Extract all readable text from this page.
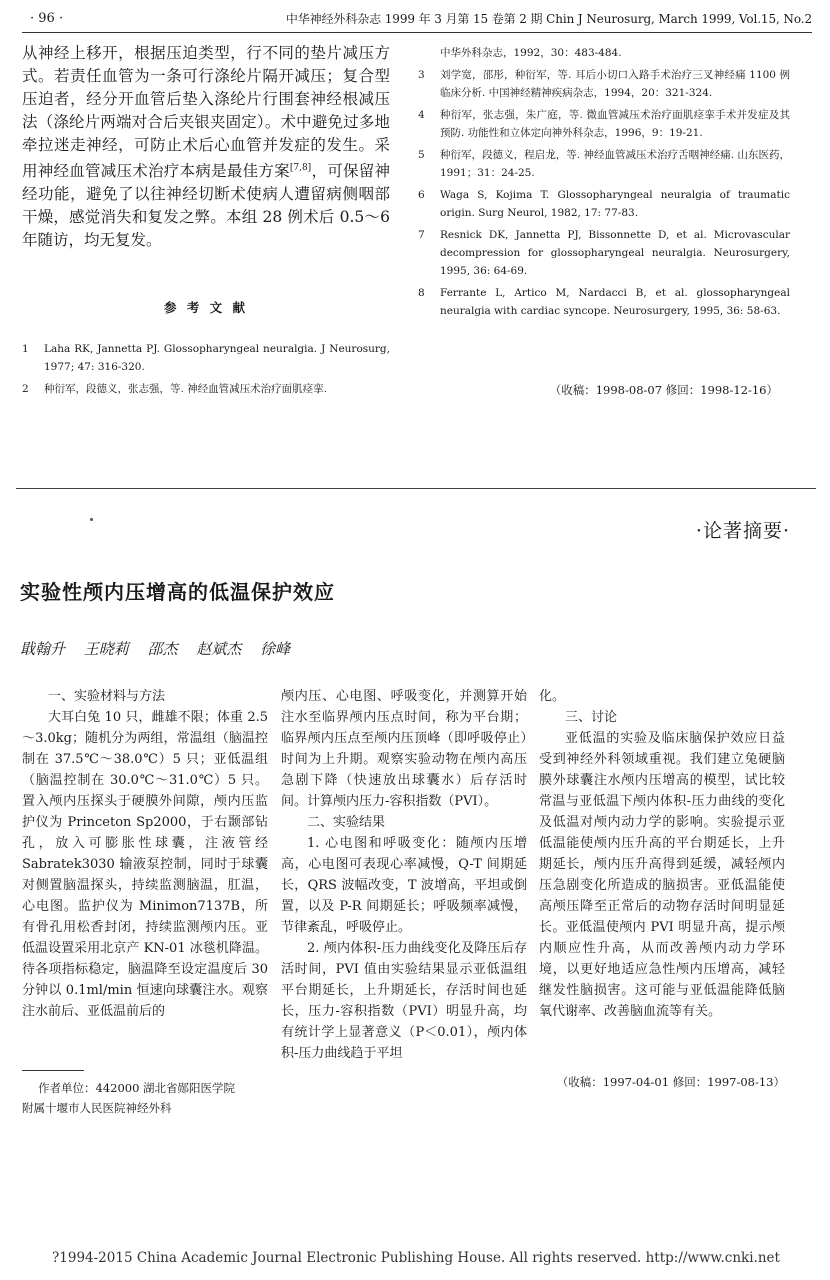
· 96 ·	中华神经外科杂志 1999 年 3 月第 15 卷第 2 期 Chin J Neurosurg, March 1999, Vol.15, No.2

从神经上移开，根据压迫类型，行不同的垫片减压方式。若责任血管为一条可行涤纶片隔开减压；复合型压迫者，经分开血管后垫入涤纶片行围套神经根减压法（涤纶片两端对合后夹银夹固定）。术中避免过多地牵拉迷走神经，可防止术后心血管并发症的发生。采用神经血管减压术治疗本病是最佳方案[7,8]，可保留神经功能，避免了以往神经切断术使病人遭留病侧咽部干燥，感觉消失和复发之弊。本组 28 例术后 0.5～6 年随访，均无复发。

参 考 文 献
1 Laha RK, Jannetta PJ. Glossopharyngeal neuralgia. J Neurosurg, 1977; 47: 316-320.
2 种衍军，段德义，张志强，等. 神经血管减压术治疗面肌痉挛.
中华外科杂志，1992，30：483-484.
3 刘学宽，邵彤，种衍军，等. 耳后小切口入路手术治疗三叉神经痛 1100 例临床分析. 中国神经精神疾病杂志，1994，20：321-324.
4 种衍军，张志强，朱广庭，等. 微血管减压术治疗面肌痉挛手术并发症及其预防. 功能性和立体定向神外科杂志，1996，9：19-21.
5 种衍军，段德义，程启龙，等. 神经血管减压术治疗舌咽神经痛. 山东医药，1991；31：24-25.
6 Waga S, Kojima T. Glossopharyngeal neuralgia of traumatic origin. Surg Neurol, 1982, 17: 77-83.
7 Resnick DK, Jannetta PJ, Bissonnette D, et al. Microvascular decompression for glossopharyngeal neuralgia. Neurosurgery, 1995, 36: 64-69.
8 Ferrante L, Artico M, Nardacci B, et al. glossopharyngeal neuralgia with cardiac syncope. Neurosurgery, 1995, 36: 58-63.
（收稿：1998-08-07 修回：1998-12-16）
·论著摘要·
实验性颅内压增高的低温保护效应
戢翰升 王晓莉 邵杰 赵斌杰 徐峰

一、实验材料与方法

大耳白兔 10 只，雌雄不限；体重 2.5～3.0kg；随机分为两组，常温组（脑温控制在 37.5℃～38.0℃）5 只；亚低温组（脑温控制在 30.0℃～31.0℃）5 只。置入颅内压探头于硬膜外间隙，颅内压监护仪为 Princeton Sp2000，于右颞部钻孔，放入可膨胀性球囊，注液管经 Sabratek3030 输液泵控制，同时于球囊对侧置脑温探头，持续监测脑温，肛温，心电图。监护仪为 Minimon7137B，所有骨孔用松香封闭，持续监测颅内压。亚低温设置采用北京产 KN-01 冰毯机降温。待各项指标稳定，脑温降至设定温度后 30 分钟以 0.1ml/min 恒速向球囊注水。观察注水前后、亚低温前后的

颅内压、心电图、呼吸变化，并测算开始注水至临界颅内压点时间，称为平台期；临界颅内压点至颅内压顶峰（即呼吸停止）时间为上升期。观察实验动物在颅内高压急剧下降（快速放出球囊水）后存活时间。计算颅内压力-容积指数（PVI）。

二、实验结果

1. 心电图和呼吸变化：随颅内压增高，心电图可表现心率减慢，Q-T 间期延长，QRS 波幅改变，T 波增高，平坦或倒置，以及 P-R 间期延长；呼吸频率减慢，节律紊乱，呼吸停止。

2. 颅内体积-压力曲线变化及降压后存活时间，PVI 值由实验结果显示亚低温组平台期延长，上升期延长，存活时间也延长，压力-容积指数（PVI）明显升高，均有统计学上显著意义（P＜0.01），颅内体积-压力曲线趋于平坦

化。

三、讨论

亚低温的实验及临床脑保护效应日益受到神经外科领域重视。我们建立兔硬脑膜外球囊注水颅内压增高的模型，试比较常温与亚低温下颅内体积-压力曲线的变化及低温对颅内动力学的影响。实验提示亚低温能使颅内压升高的平台期延长，上升期延长，颅内压升高得到延缓，减轻颅内压急剧变化所造成的脑损害。亚低温能使高颅压降至正常后的动物存活时间明显延长。亚低温使颅内 PVI 明显升高，提示颅内顺应性升高，从而改善颅内动力学环境，以更好地适应急性颅内压增高，减轻继发性脑损害。这可能与亚低温能降低脑氧代谢率、改善脑血流等有关。

（收稿：1997-04-01 修回：1997-08-13）
作者单位：442000 湖北省郧阳医学院
附属十堰市人民医院神经外科
?1994-2015 China Academic Journal Electronic Publishing House. All rights reserved. http://www.cnki.net
